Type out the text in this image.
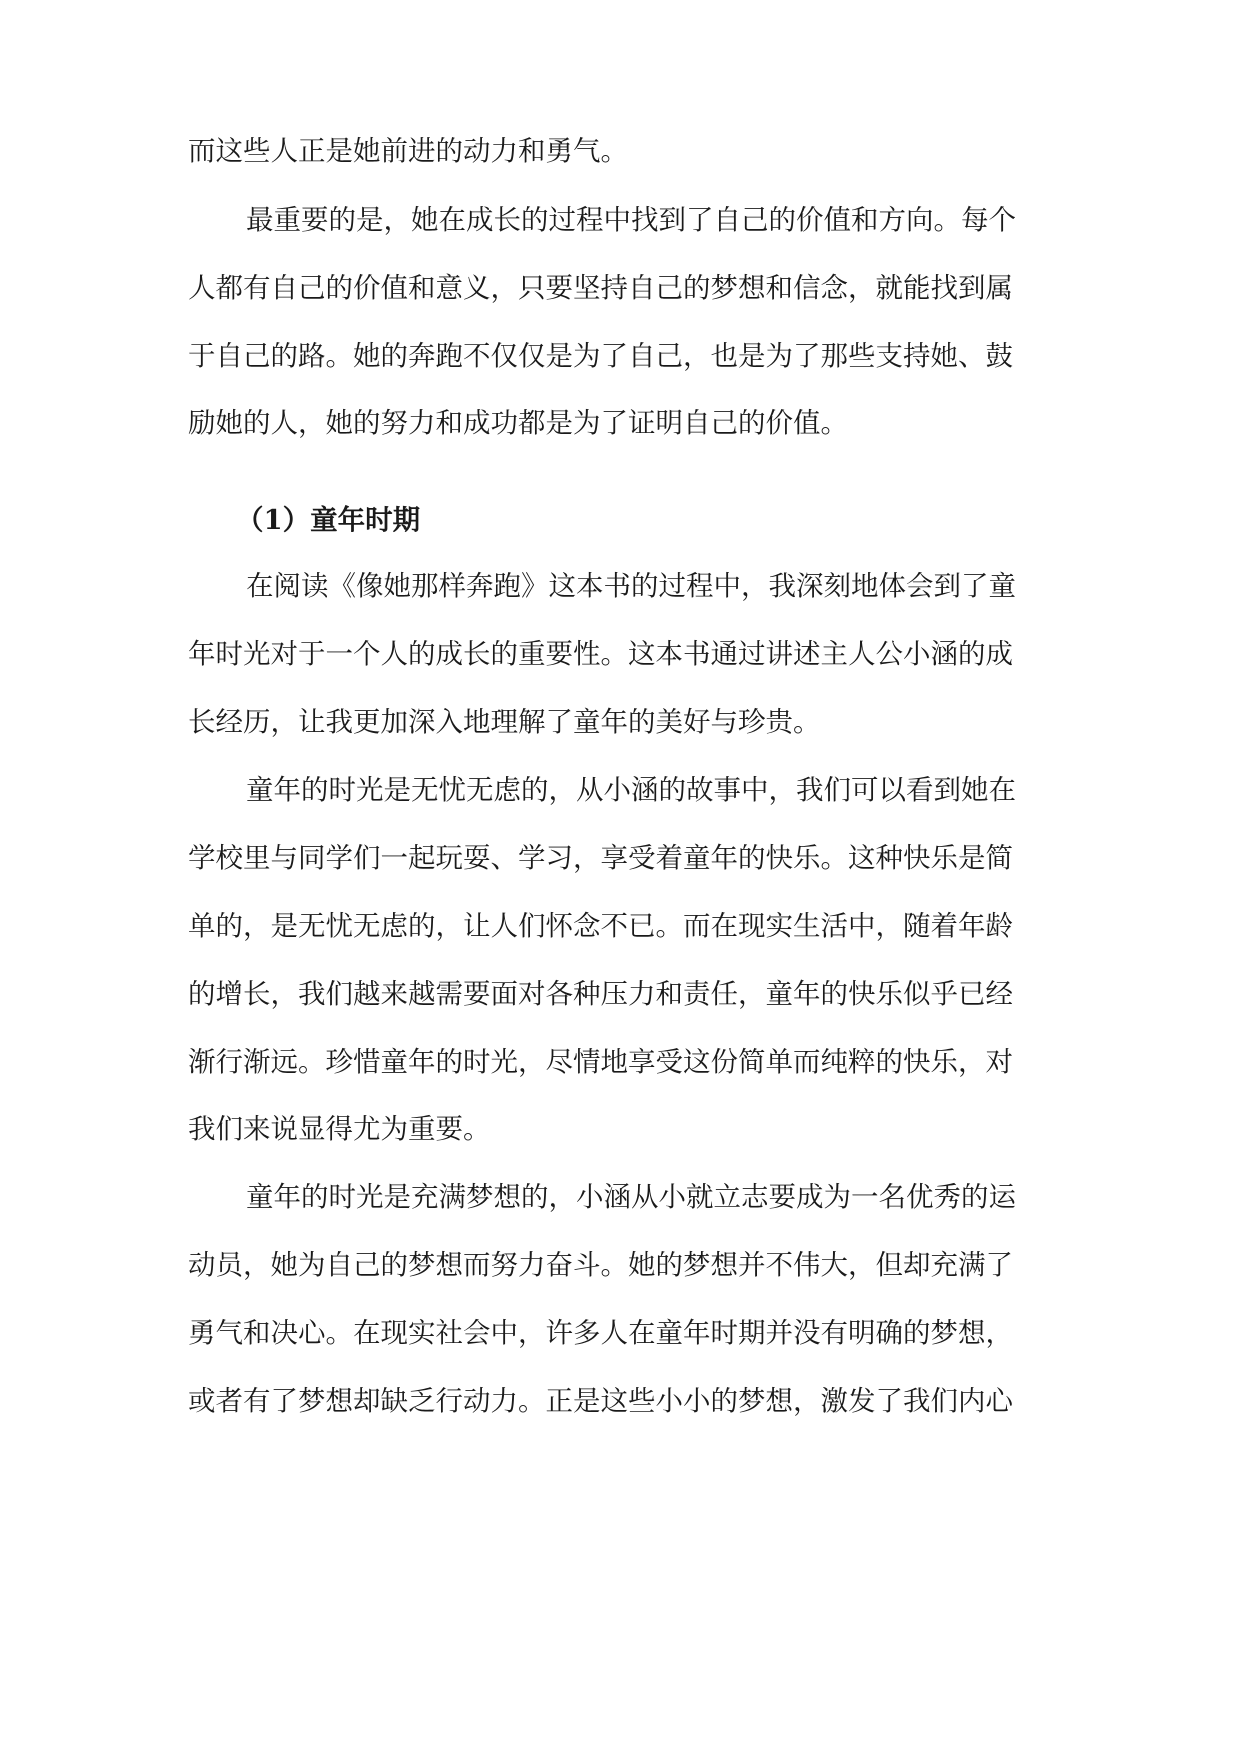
而这些人正是她前进的动力和勇气。
最重要的是，她在成长的过程中找到了自己的价值和方向。每个
人都有自己的价值和意义，只要坚持自己的梦想和信念，就能找到属
于自己的路。她的奔跑不仅仅是为了自己，也是为了那些支持她、鼓
励她的人，她的努力和成功都是为了证明自己的价值。
（1）童年时期
在阅读《像她那样奔跑》这本书的过程中，我深刻地体会到了童
年时光对于一个人的成长的重要性。这本书通过讲述主人公小涵的成
长经历，让我更加深入地理解了童年的美好与珍贵。
童年的时光是无忧无虑的，从小涵的故事中，我们可以看到她在
学校里与同学们一起玩耍、学习，享受着童年的快乐。这种快乐是简
单的，是无忧无虑的，让人们怀念不已。而在现实生活中，随着年龄
的增长，我们越来越需要面对各种压力和责任，童年的快乐似乎已经
渐行渐远。珍惜童年的时光，尽情地享受这份简单而纯粹的快乐，对
我们来说显得尤为重要。
童年的时光是充满梦想的，小涵从小就立志要成为一名优秀的运
动员，她为自己的梦想而努力奋斗。她的梦想并不伟大，但却充满了
勇气和决心。在现实社会中，许多人在童年时期并没有明确的梦想，
或者有了梦想却缺乏行动力。正是这些小小的梦想，激发了我们内心
